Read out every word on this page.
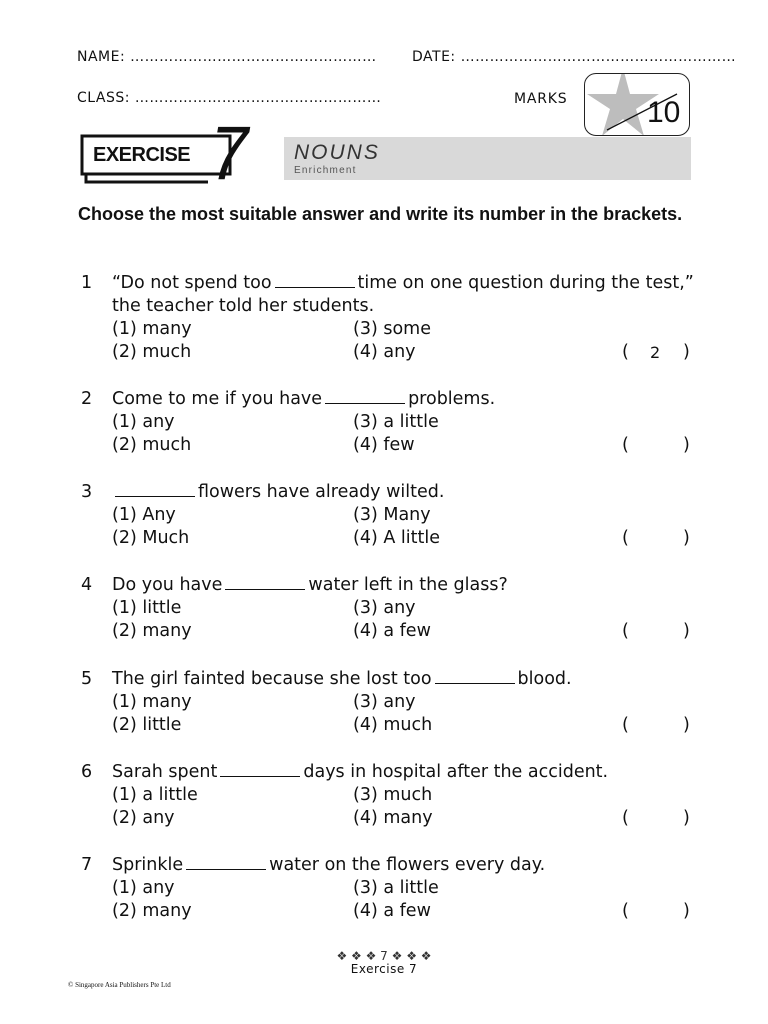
NAME: ……………………………………………	DATE: …………………………………………………
CLASS: ……………………………………………	MARKS	10
EXERCISE 7 NOUNS
Enrichment
Choose the most suitable answer and write its number in the brackets.
1 “Do not spend too	time on one question during the test,”
the teacher told her students.
(1) many
(2) much
(3) some
(4) any	( 2 )
2 Come to me if you have	problems.
(1) any
(2) much
(3) a little
(4) few	(	)
3	flowers have already wilted.
(1) Any
(2) Much
(3) Many
(4) A little	(	)
4 Do you have	water left in the glass?
(1) little
(2) many
(3) any
(4) a few	(	)
5 The girl fainted because she lost too	blood.
(1) many
(2) little
(3) any
(4) much	(	)
6 Sarah spent	days in hospital after the accident.
(1) a little
(2) any
(3) much
(4) many	(	)
7 Sprinkle	water on the flowers every day.
(1) any
(2) many
(3) a little
(4) a few	(	)
❖ ❖ ❖ 7 ❖ ❖ ❖
Exercise 7
© Singapore Asia Publishers Pte Ltd
